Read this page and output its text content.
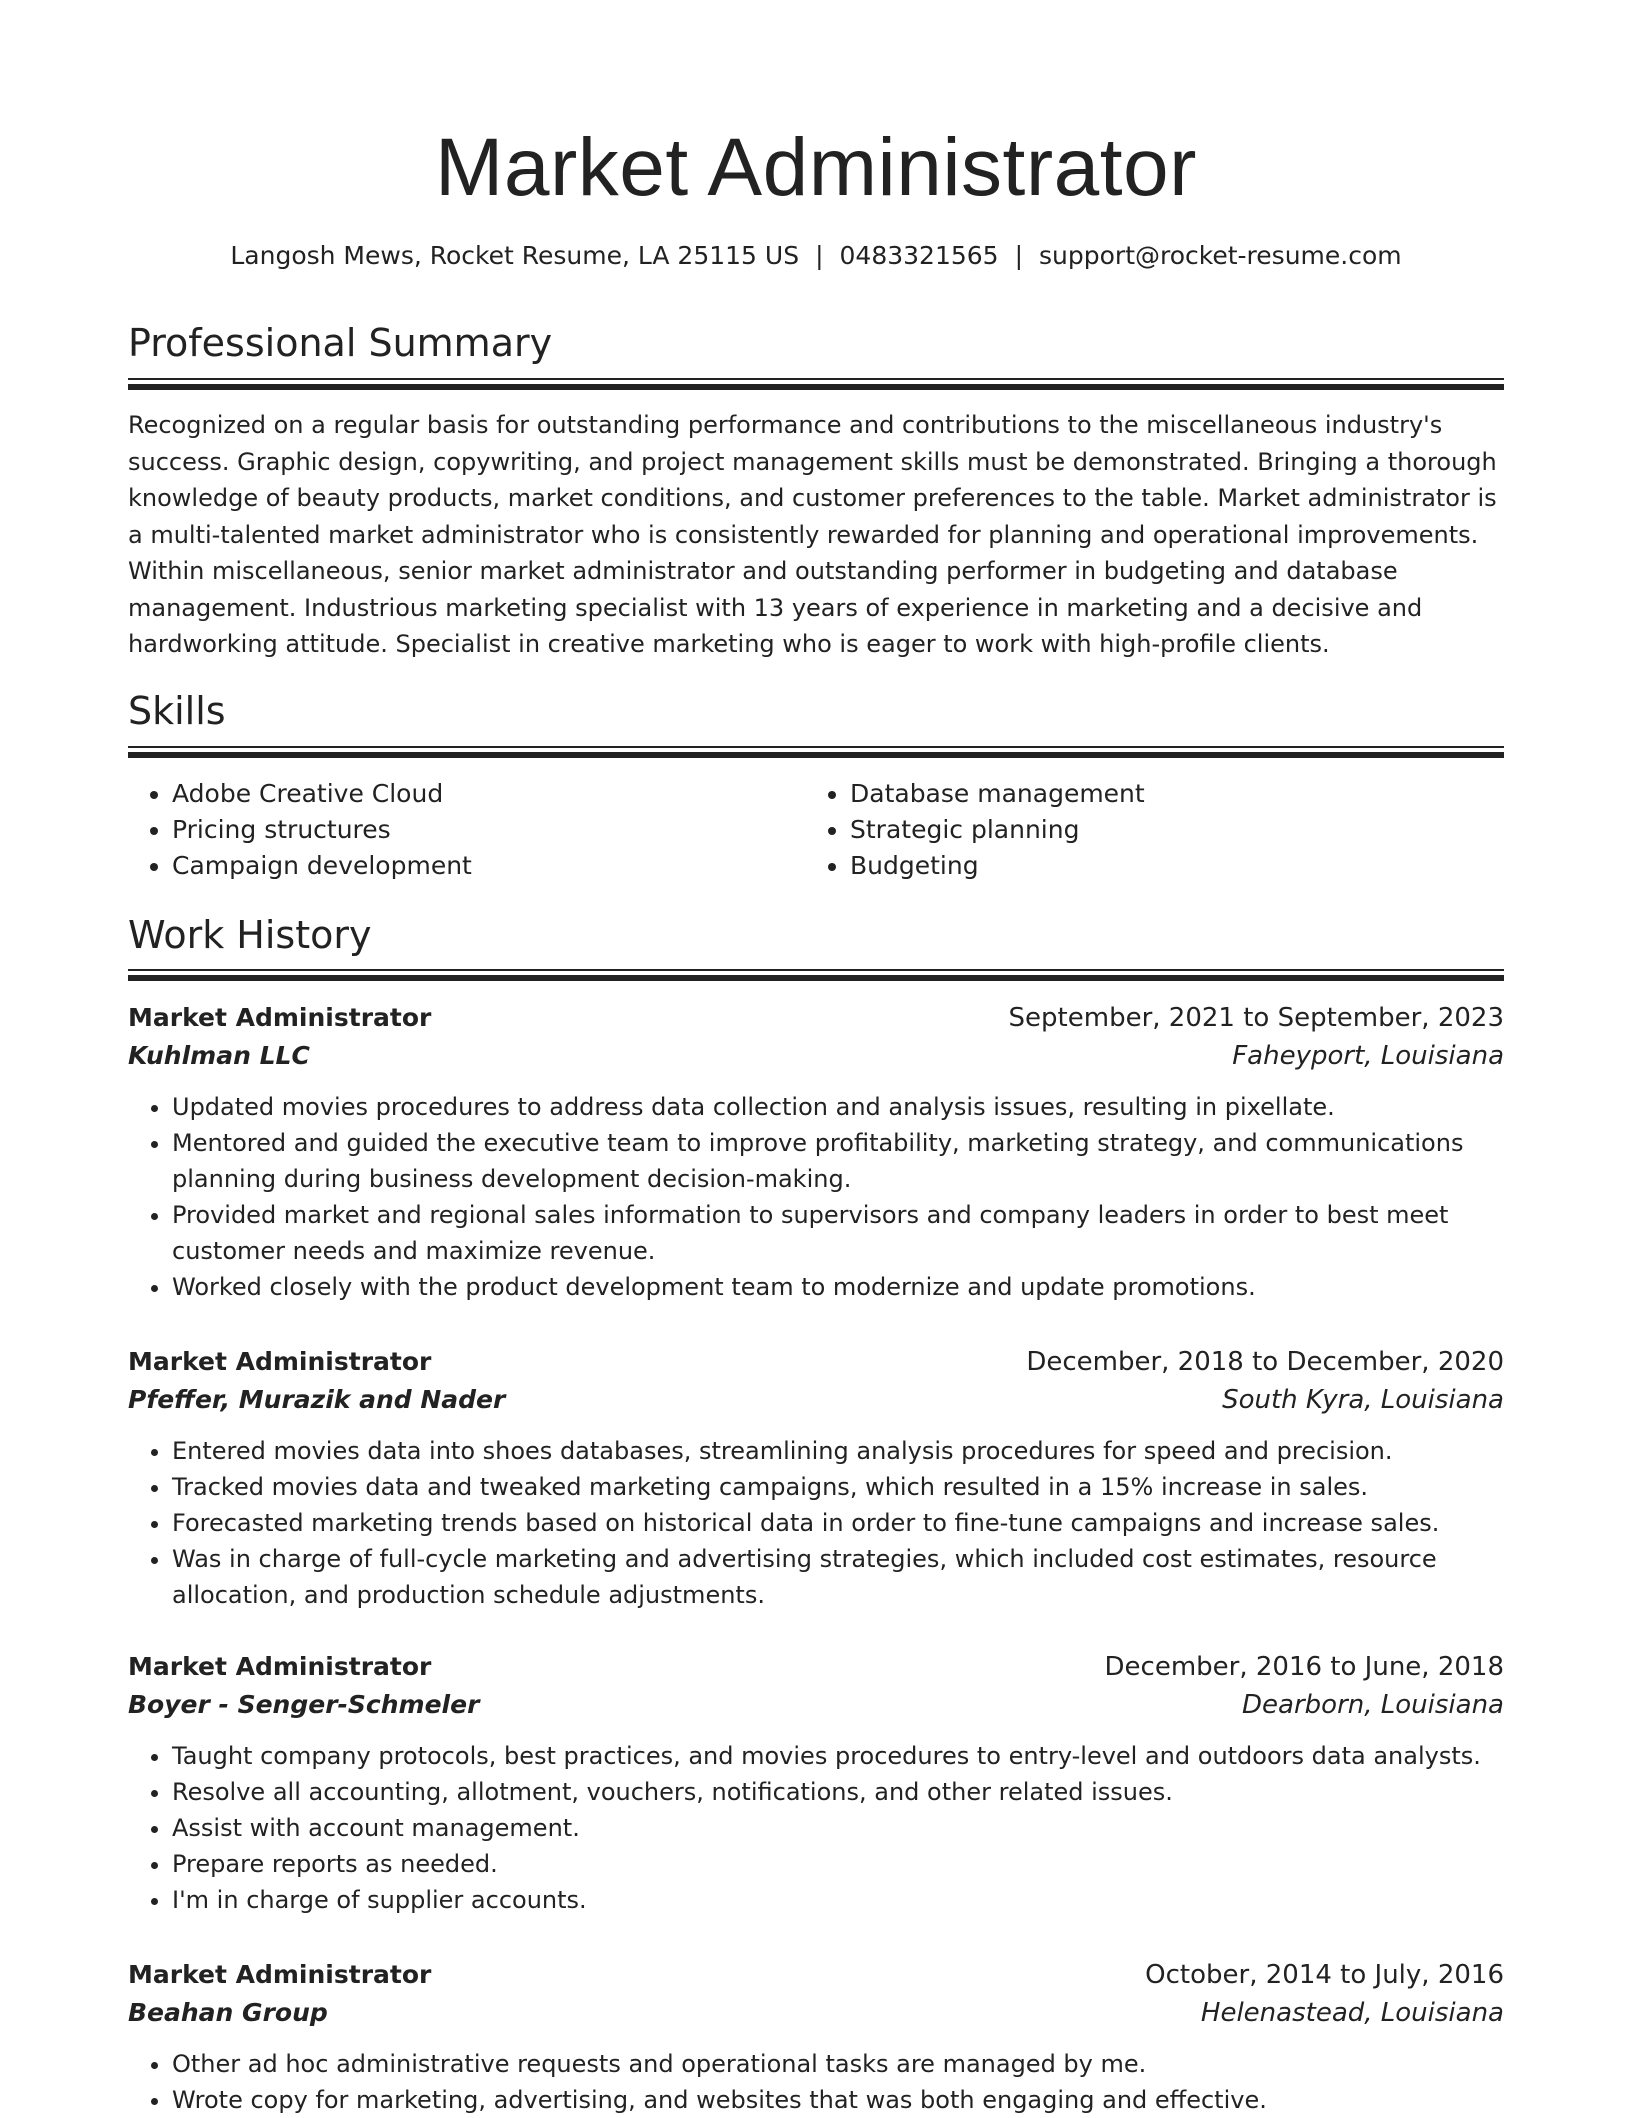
Market Administrator
Langosh Mews, Rocket Resume, LA 25115 US | 0483321565 | support@rocket-resume.com
Professional Summary

Recognized on a regular basis for outstanding performance and contributions to the miscellaneous industry's success. Graphic design, copywriting, and project management skills must be demonstrated. Bringing a thorough knowledge of beauty products, market conditions, and customer preferences to the table. Market administrator is a multi-talented market administrator who is consistently rewarded for planning and operational improvements. Within miscellaneous, senior market administrator and outstanding performer in budgeting and database management. Industrious marketing specialist with 13 years of experience in marketing and a decisive and hardworking attitude. Specialist in creative marketing who is eager to work with high-profile clients.

Skills
• Adobe Creative Cloud
• Pricing structures
• Campaign development
• Database management
• Strategic planning
• Budgeting
Work History
Market Administrator	September, 2021 to September, 2023
Kuhlman LLC	Faheyport, Louisiana
• Updated movies procedures to address data collection and analysis issues, resulting in pixellate.
• Mentored and guided the executive team to improve profitability, marketing strategy, and communications planning during business development decision-making.
• Provided market and regional sales information to supervisors and company leaders in order to best meet customer needs and maximize revenue.
• Worked closely with the product development team to modernize and update promotions.
Market Administrator	December, 2018 to December, 2020
Pfeffer, Murazik and Nader	South Kyra, Louisiana
• Entered movies data into shoes databases, streamlining analysis procedures for speed and precision.
• Tracked movies data and tweaked marketing campaigns, which resulted in a 15% increase in sales.
• Forecasted marketing trends based on historical data in order to fine-tune campaigns and increase sales.
• Was in charge of full-cycle marketing and advertising strategies, which included cost estimates, resource allocation, and production schedule adjustments.
Market Administrator	December, 2016 to June, 2018
Boyer - Senger-Schmeler	Dearborn, Louisiana
• Taught company protocols, best practices, and movies procedures to entry-level and outdoors data analysts.
• Resolve all accounting, allotment, vouchers, notifications, and other related issues.
• Assist with account management.
• Prepare reports as needed.
• I'm in charge of supplier accounts.
Market Administrator	October, 2014 to July, 2016
Beahan Group	Helenastead, Louisiana
• Other ad hoc administrative requests and operational tasks are managed by me.
• Wrote copy for marketing, advertising, and websites that was both engaging and effective.
